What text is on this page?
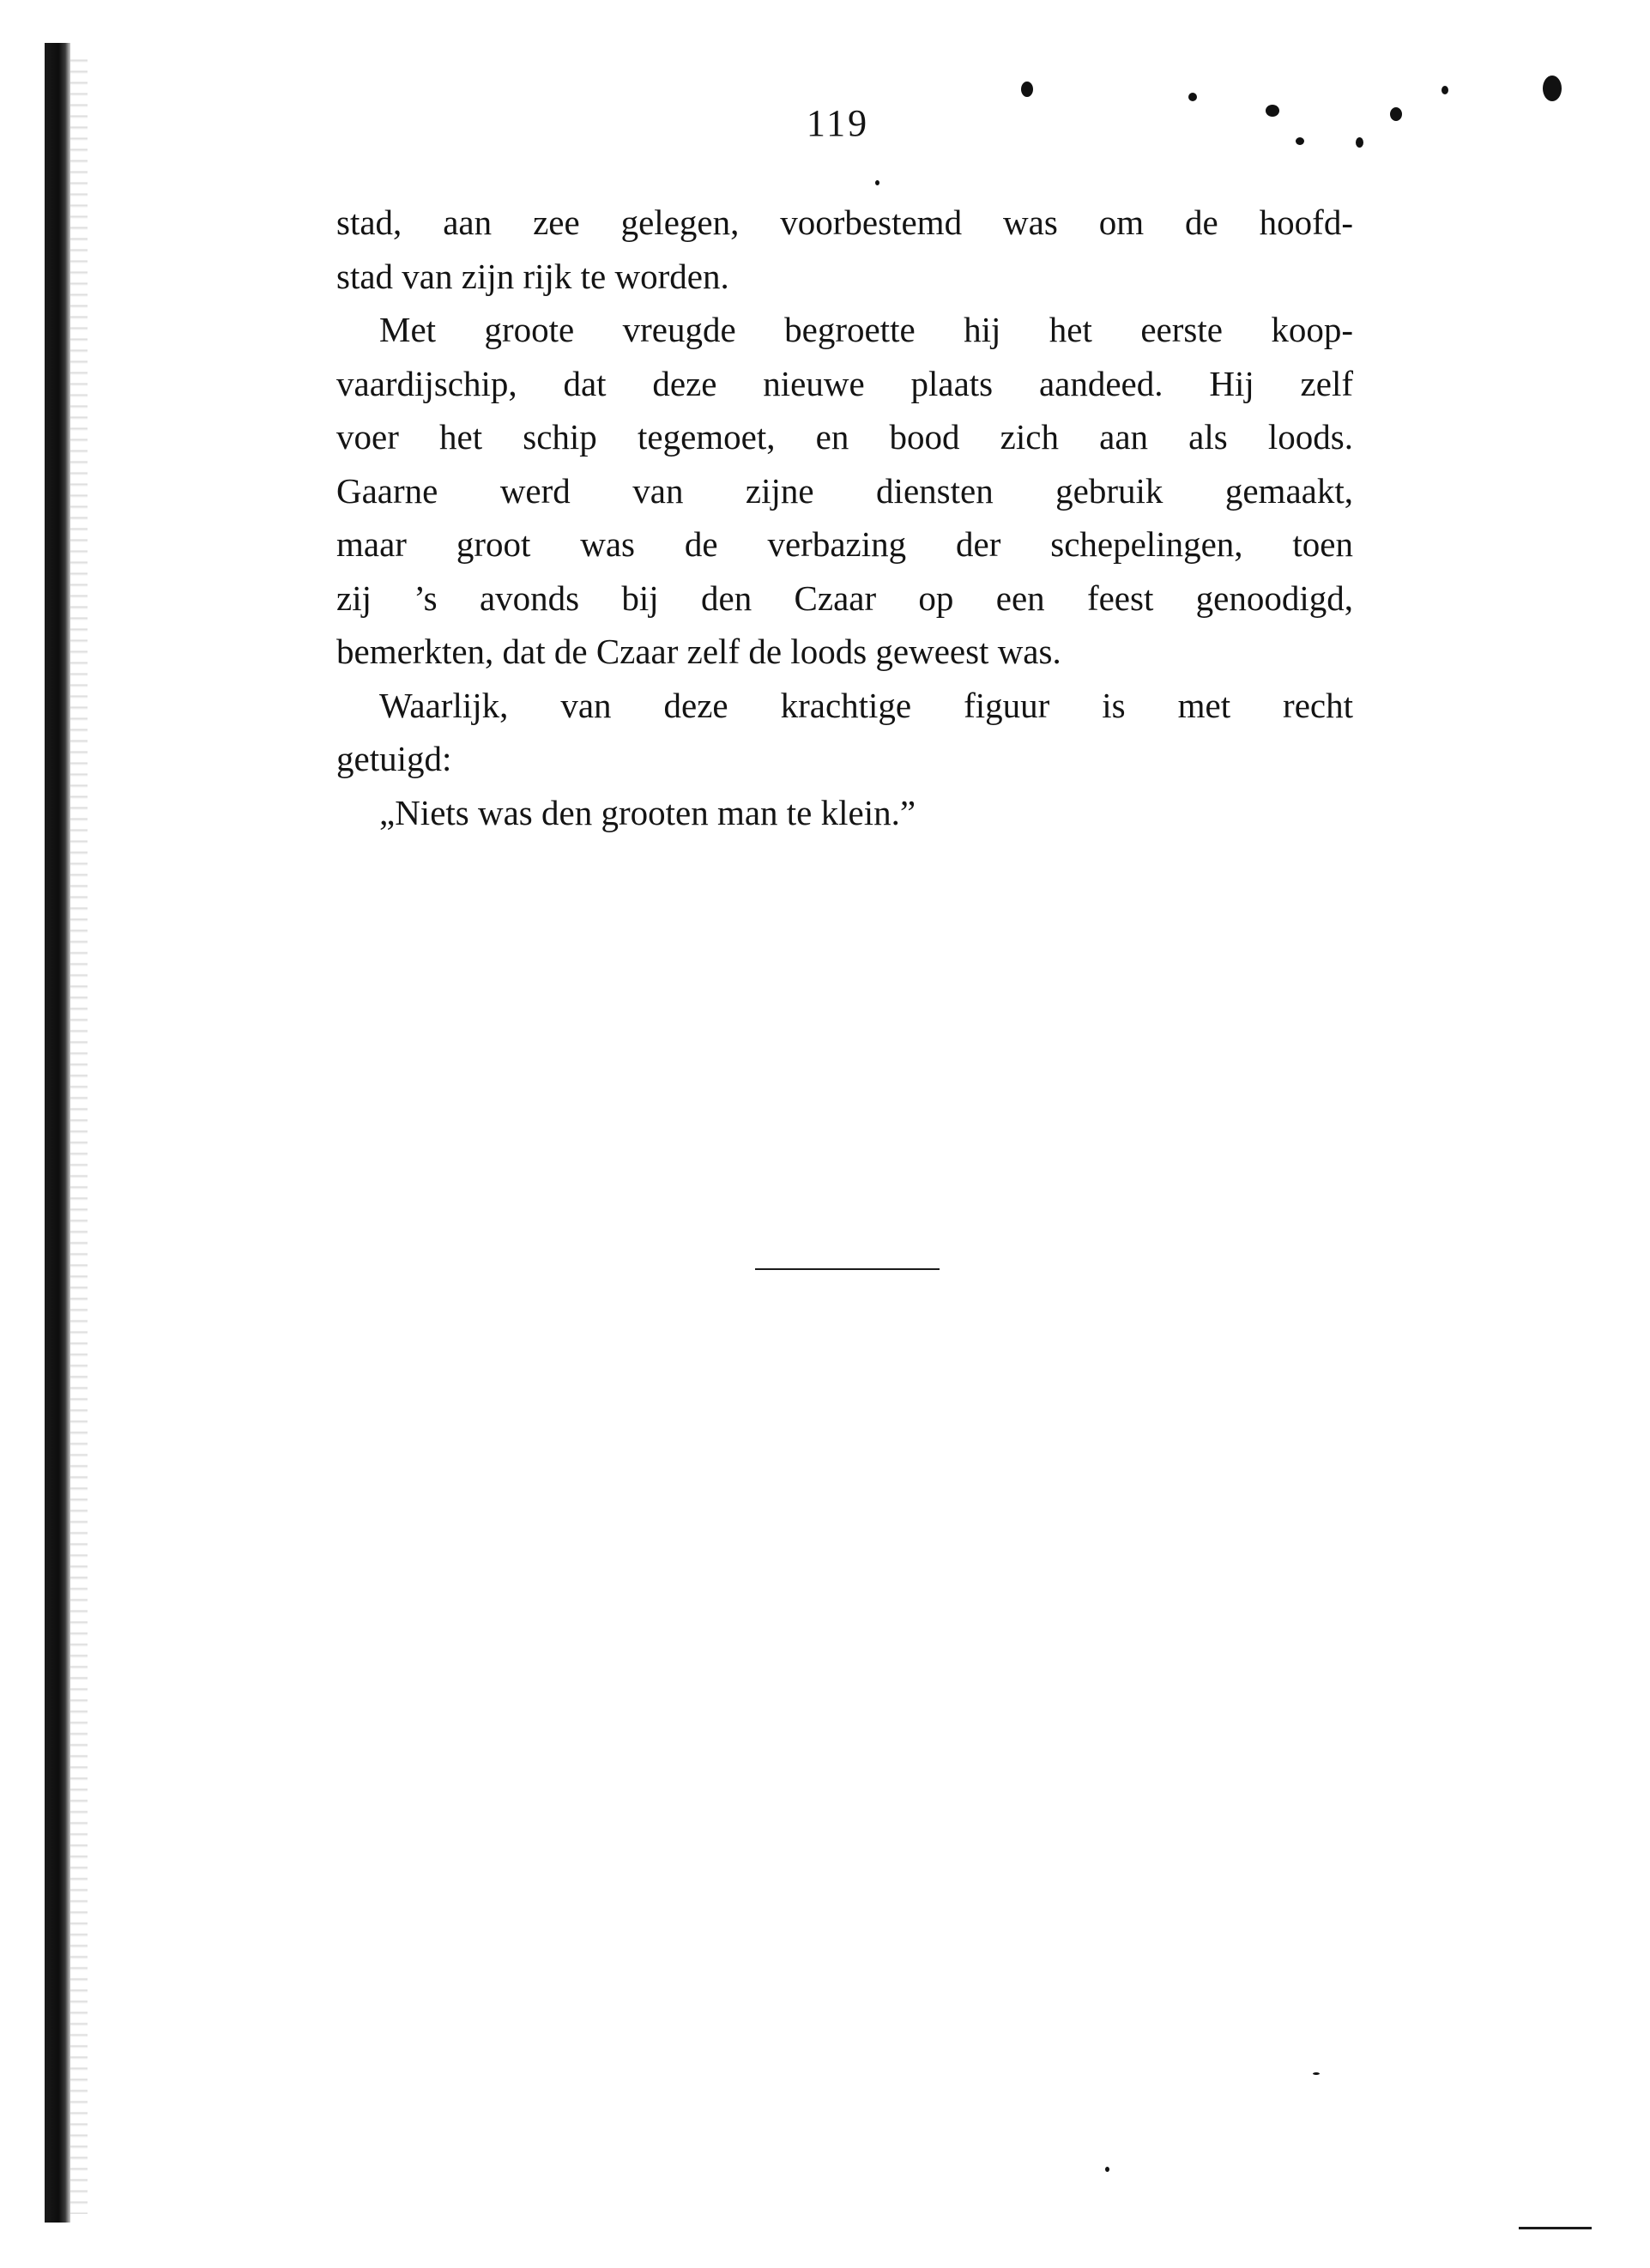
119
stad, aan zee gelegen, voorbestemd was om de hoofd-
stad van zijn rijk te worden.
Met groote vreugde begroette hij het eerste koop-
vaardijschip, dat deze nieuwe plaats aandeed. Hij zelf
voer het schip tegemoet, en bood zich aan als loods.
Gaarne werd van zijne diensten gebruik gemaakt,
maar groot was de verbazing der schepelingen, toen
zij ’s avonds bij den Czaar op een feest genoodigd,
bemerkten, dat de Czaar zelf de loods geweest was.
Waarlijk, van deze krachtige figuur is met recht
getuigd:
„Niets was den grooten man te klein.”
